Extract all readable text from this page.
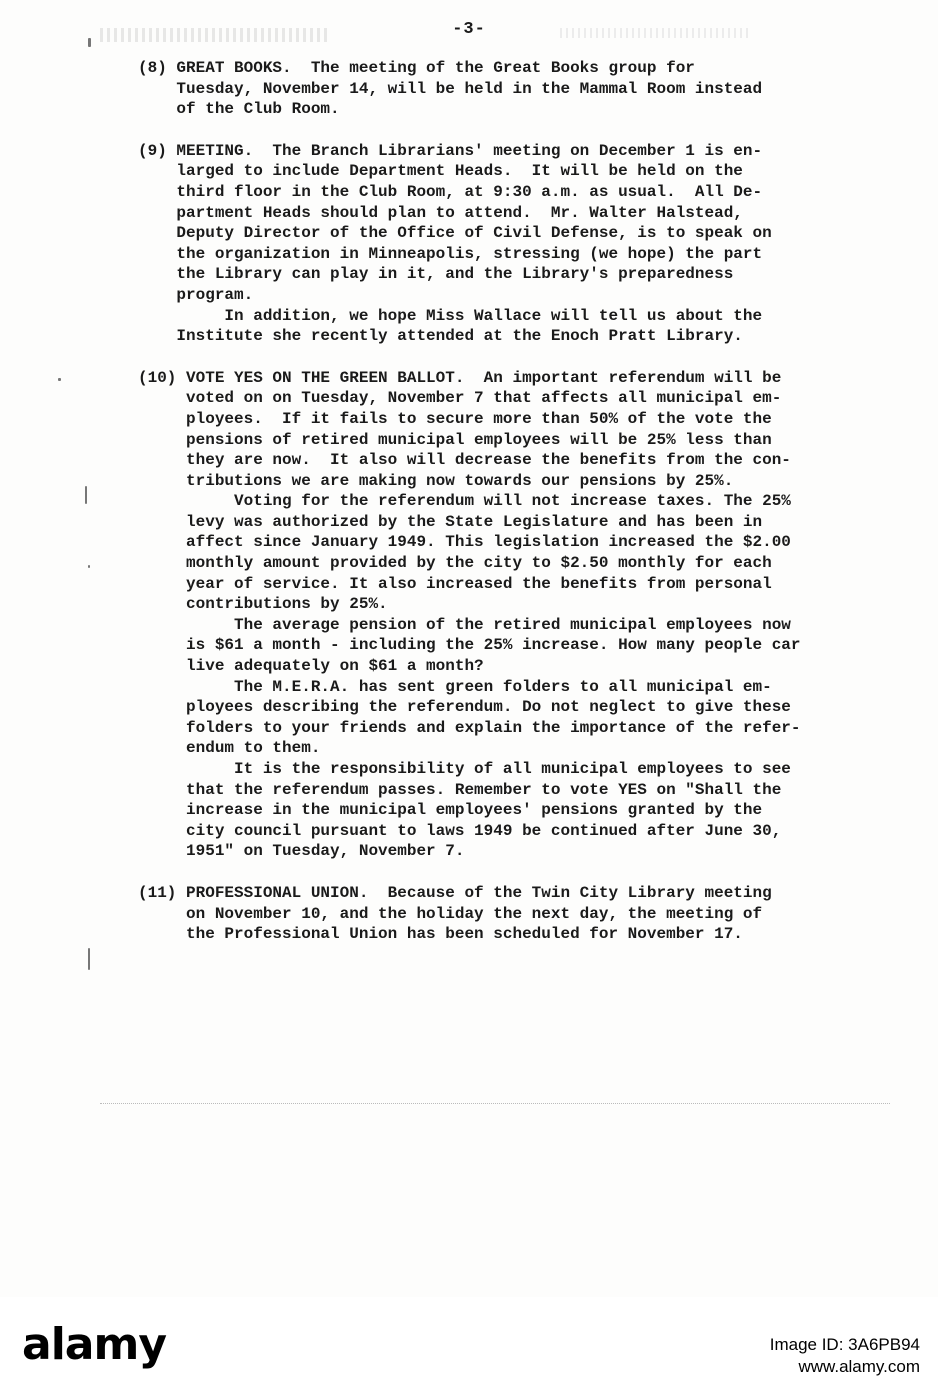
-3-
(8) GREAT BOOKS.  The meeting of the Great Books group for
Tuesday, November 14, will be held in the Mammal Room instead
of the Club Room.
(9) MEETING.  The Branch Librarians' meeting on December 1 is en-
larged to include Department Heads.  It will be held on the
third floor in the Club Room, at 9:30 a.m. as usual.  All De-
partment Heads should plan to attend.  Mr. Walter Halstead,
Deputy Director of the Office of Civil Defense, is to speak on
the organization in Minneapolis, stressing (we hope) the part
the Library can play in it, and the Library's preparedness
program.
In addition, we hope Miss Wallace will tell us about the
Institute she recently attended at the Enoch Pratt Library.
(10) VOTE YES ON THE GREEN BALLOT.  An important referendum will be
voted on on Tuesday, November 7 that affects all municipal em-
ployees.  If it fails to secure more than 50% of the vote the
pensions of retired municipal employees will be 25% less than
they are now.  It also will decrease the benefits from the con-
tributions we are making now towards our pensions by 25%.
Voting for the referendum will not increase taxes. The 25%
levy was authorized by the State Legislature and has been in
affect since January 1949. This legislation increased the $2.00
monthly amount provided by the city to $2.50 monthly for each
year of service. It also increased the benefits from personal
contributions by 25%.
The average pension of the retired municipal employees now
is $61 a month - including the 25% increase. How many people car
live adequately on $61 a month?
The M.E.R.A. has sent green folders to all municipal em-
ployees describing the referendum. Do not neglect to give these
folders to your friends and explain the importance of the refer-
endum to them.
It is the responsibility of all municipal employees to see
that the referendum passes. Remember to vote YES on "Shall the
increase in the municipal employees' pensions granted by the
city council pursuant to laws 1949 be continued after June 30,
1951" on Tuesday, November 7.
(11) PROFESSIONAL UNION.  Because of the Twin City Library meeting
on November 10, and the holiday the next day, the meeting of
the Professional Union has been scheduled for November 17.
alamy	Image ID: 3A6PB94
www.alamy.com
